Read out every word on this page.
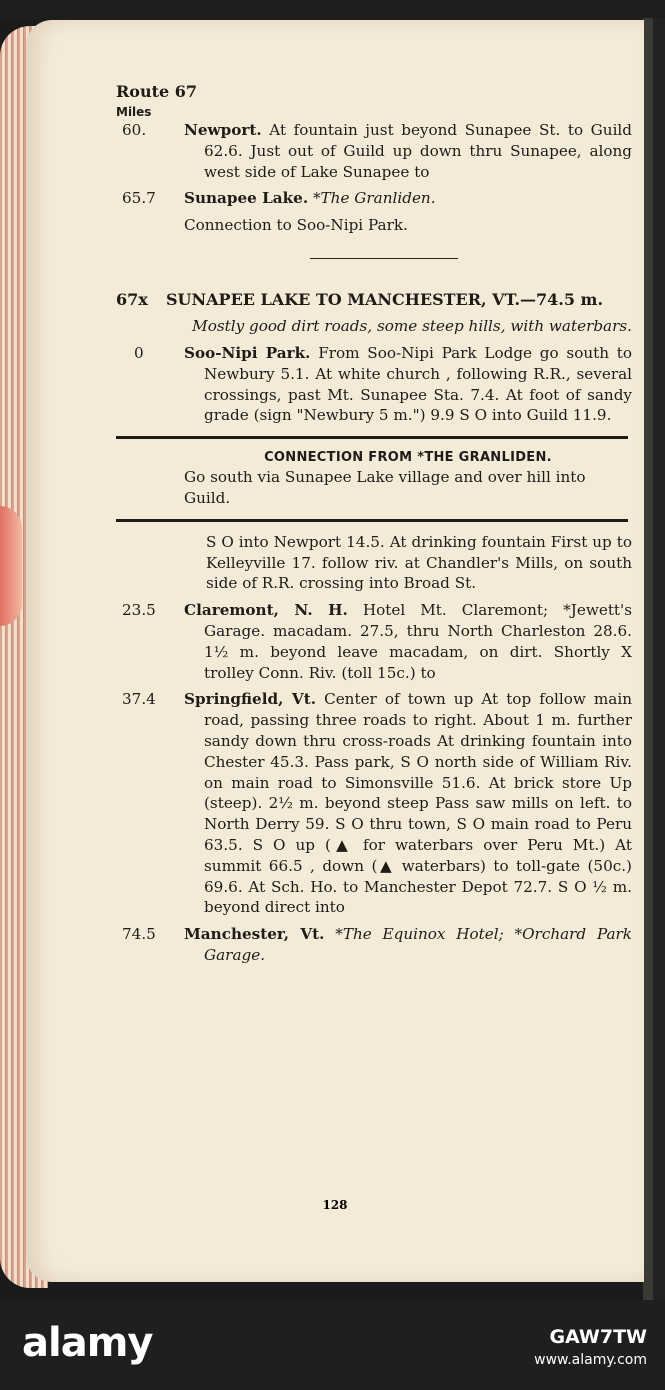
Route 67
Miles
60.	Newport. At fountain just beyond Sunapee St. to Guild 62.6. Just out of Guild up down thru Sunapee, along west side of Lake Sunapee to
65.7	Sunapee Lake. *The Granliden.
Connection to Soo-Nipi Park.
67x	SUNAPEE LAKE TO MANCHESTER, VT.—74.5 m.
Mostly good dirt roads, some steep hills, with waterbars.
0	Soo-Nipi Park. From Soo-Nipi Park Lodge go south to Newbury 5.1. At white church , following R.R., several crossings, past Mt. Sunapee Sta. 7.4. At foot of sandy grade (sign "Newbury 5 m.") 9.9 S O into Guild 11.9.
CONNECTION FROM *THE GRANLIDEN.
Go south via Sunapee Lake village and over hill into Guild.
S O into Newport 14.5. At drinking fountain First up to Kelleyville 17. follow riv. at Chandler's Mills, on south side of R.R. crossing into Broad St.
23.5	Claremont, N. H. Hotel Mt. Claremont; *Jewett's Garage. macadam. 27.5, thru North Charleston 28.6. 1½ m. beyond leave macadam, on dirt. Shortly X trolley Conn. Riv. (toll 15c.) to
37.4	Springfield, Vt. Center of town up At top follow main road, passing three roads to right. About 1 m. further sandy down thru cross-roads At drinking fountain into Chester 45.3. Pass park, S O north side of William Riv. on main road to Simonsville 51.6. At brick store Up (steep). 2½ m. beyond steep Pass saw mills on left. to North Derry 59. S O thru town, S O main road to Peru 63.5. S O up (▲ for waterbars over Peru Mt.) At summit 66.5 , down (▲ waterbars) to toll-gate (50c.) 69.6. At Sch. Ho. to Manchester Depot 72.7. S O ½ m. beyond direct into
74.5	Manchester, Vt. *The Equinox Hotel; *Orchard Park Garage.
128
alamy	GAW7TW
www.alamy.com
